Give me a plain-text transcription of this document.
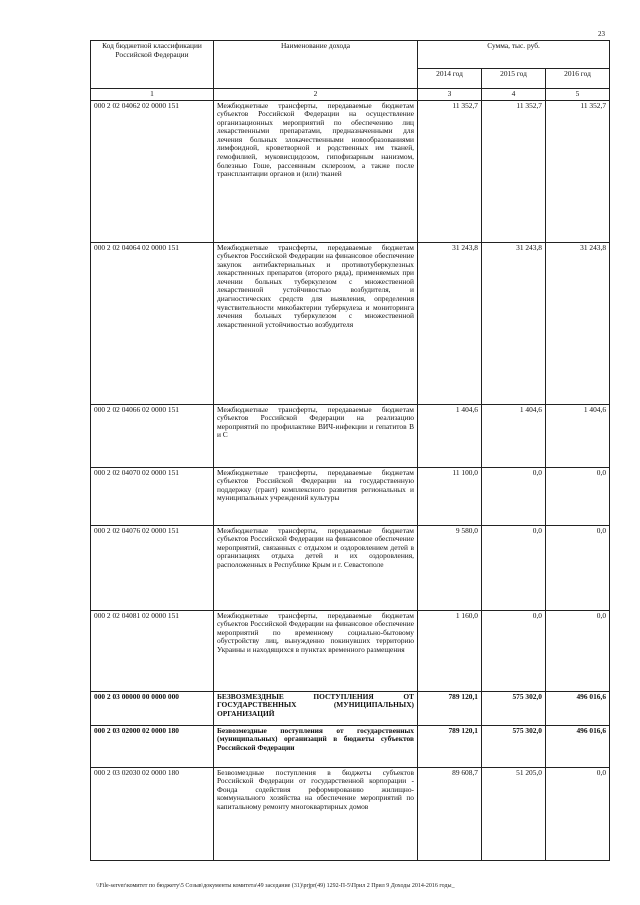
23
Код бюджетной классификации Российской Федерации	Наименование дохода	Сумма, тыс. руб.		
		2014 год	2015 год	2016 год
1	2	3	4	5
000 2 02 04062 02 0000 151	Межбюджетные трансферты, передаваемые бюджетам субъектов Российской Федерации на осуществление организационных мероприятий по обеспечению лиц лекарственными препаратами, предназначенными для лечения больных злокачественными новообразованиями лимфоидной, кроветворной и родственных им тканей, гемофилией, муковисцидозом, гипофизарным нанизмом, болезнью Гоше, рассеянным склерозом, а также после трансплантации органов и (или) тканей	11 352,7	11 352,7	11 352,7
000 2 02 04064 02 0000 151	Межбюджетные трансферты, передаваемые бюджетам субъектов Российской Федерации на финансовое обеспечение закупок антибактериальных и противотуберкулезных лекарственных препаратов (второго ряда), применяемых при лечении больных туберкулезом с множественной лекарственной устойчивостью возбудителя, и диагностических средств для выявления, определения чувствительности микобактерии туберкулеза и мониторинга лечения больных туберкулезом с множественной лекарственной устойчивостью возбудителя	31 243,8	31 243,8	31 243,8
000 2 02 04066 02 0000 151	Межбюджетные трансферты, передаваемые бюджетам субъектов Российской Федерации на реализацию мероприятий по профилактике ВИЧ-инфекции и гепатитов В и С	1 404,6	1 404,6	1 404,6
000 2 02 04070 02 0000 151	Межбюджетные трансферты, передаваемые бюджетам субъектов Российской Федерации на государственную поддержку (грант) комплексного развития региональных и муниципальных учреждений культуры	11 100,0	0,0	0,0
000 2 02 04076 02 0000 151	Межбюджетные трансферты, передаваемые бюджетам субъектов Российской Федерации на финансовое обеспечение мероприятий, связанных с отдыхом и оздоровлением детей в организациях отдыха детей и их оздоровления, расположенных в Республике Крым и г. Севастополе	9 580,0	0,0	0,0
000 2 02 04081 02 0000 151	Межбюджетные трансферты, передаваемые бюджетам субъектов Российской Федерации на финансовое обеспечение мероприятий по временному социально-бытовому обустройству лиц, вынужденно покинувших территорию Украины и находящихся в пунктах временного размещения	1 160,0	0,0	0,0
000 2 03 00000 00 0000 000	БЕЗВОЗМЕЗДНЫЕ ПОСТУПЛЕНИЯ ОТ ГОСУДАРСТВЕННЫХ (МУНИЦИПАЛЬНЫХ) ОРГАНИЗАЦИЙ	789 120,1	575 302,0	496 016,6
000 2 03 02000 02 0000 180	Безвозмездные поступления от государственных (муниципальных) организаций в бюджеты субъектов Российской Федерации	789 120,1	575 302,0	496 016,6
000 2 03 02030 02 0000 180	Безвозмездные поступления в бюджеты субъектов Российской Федерации от государственной корпорации - Фонда содействия реформированию жилищно-коммунального хозяйства на обеспечение мероприятий по капитальному ремонту многоквартирных домов	89 608,7	51 205,0	0,0
\\File-server\комитет по бюджету\5 Созыв\документы комитета\49 заседание (31)\prjpr(49) 1292-П-5\Прил 2 Прил 9 Доходы 2014-2016 годы_
